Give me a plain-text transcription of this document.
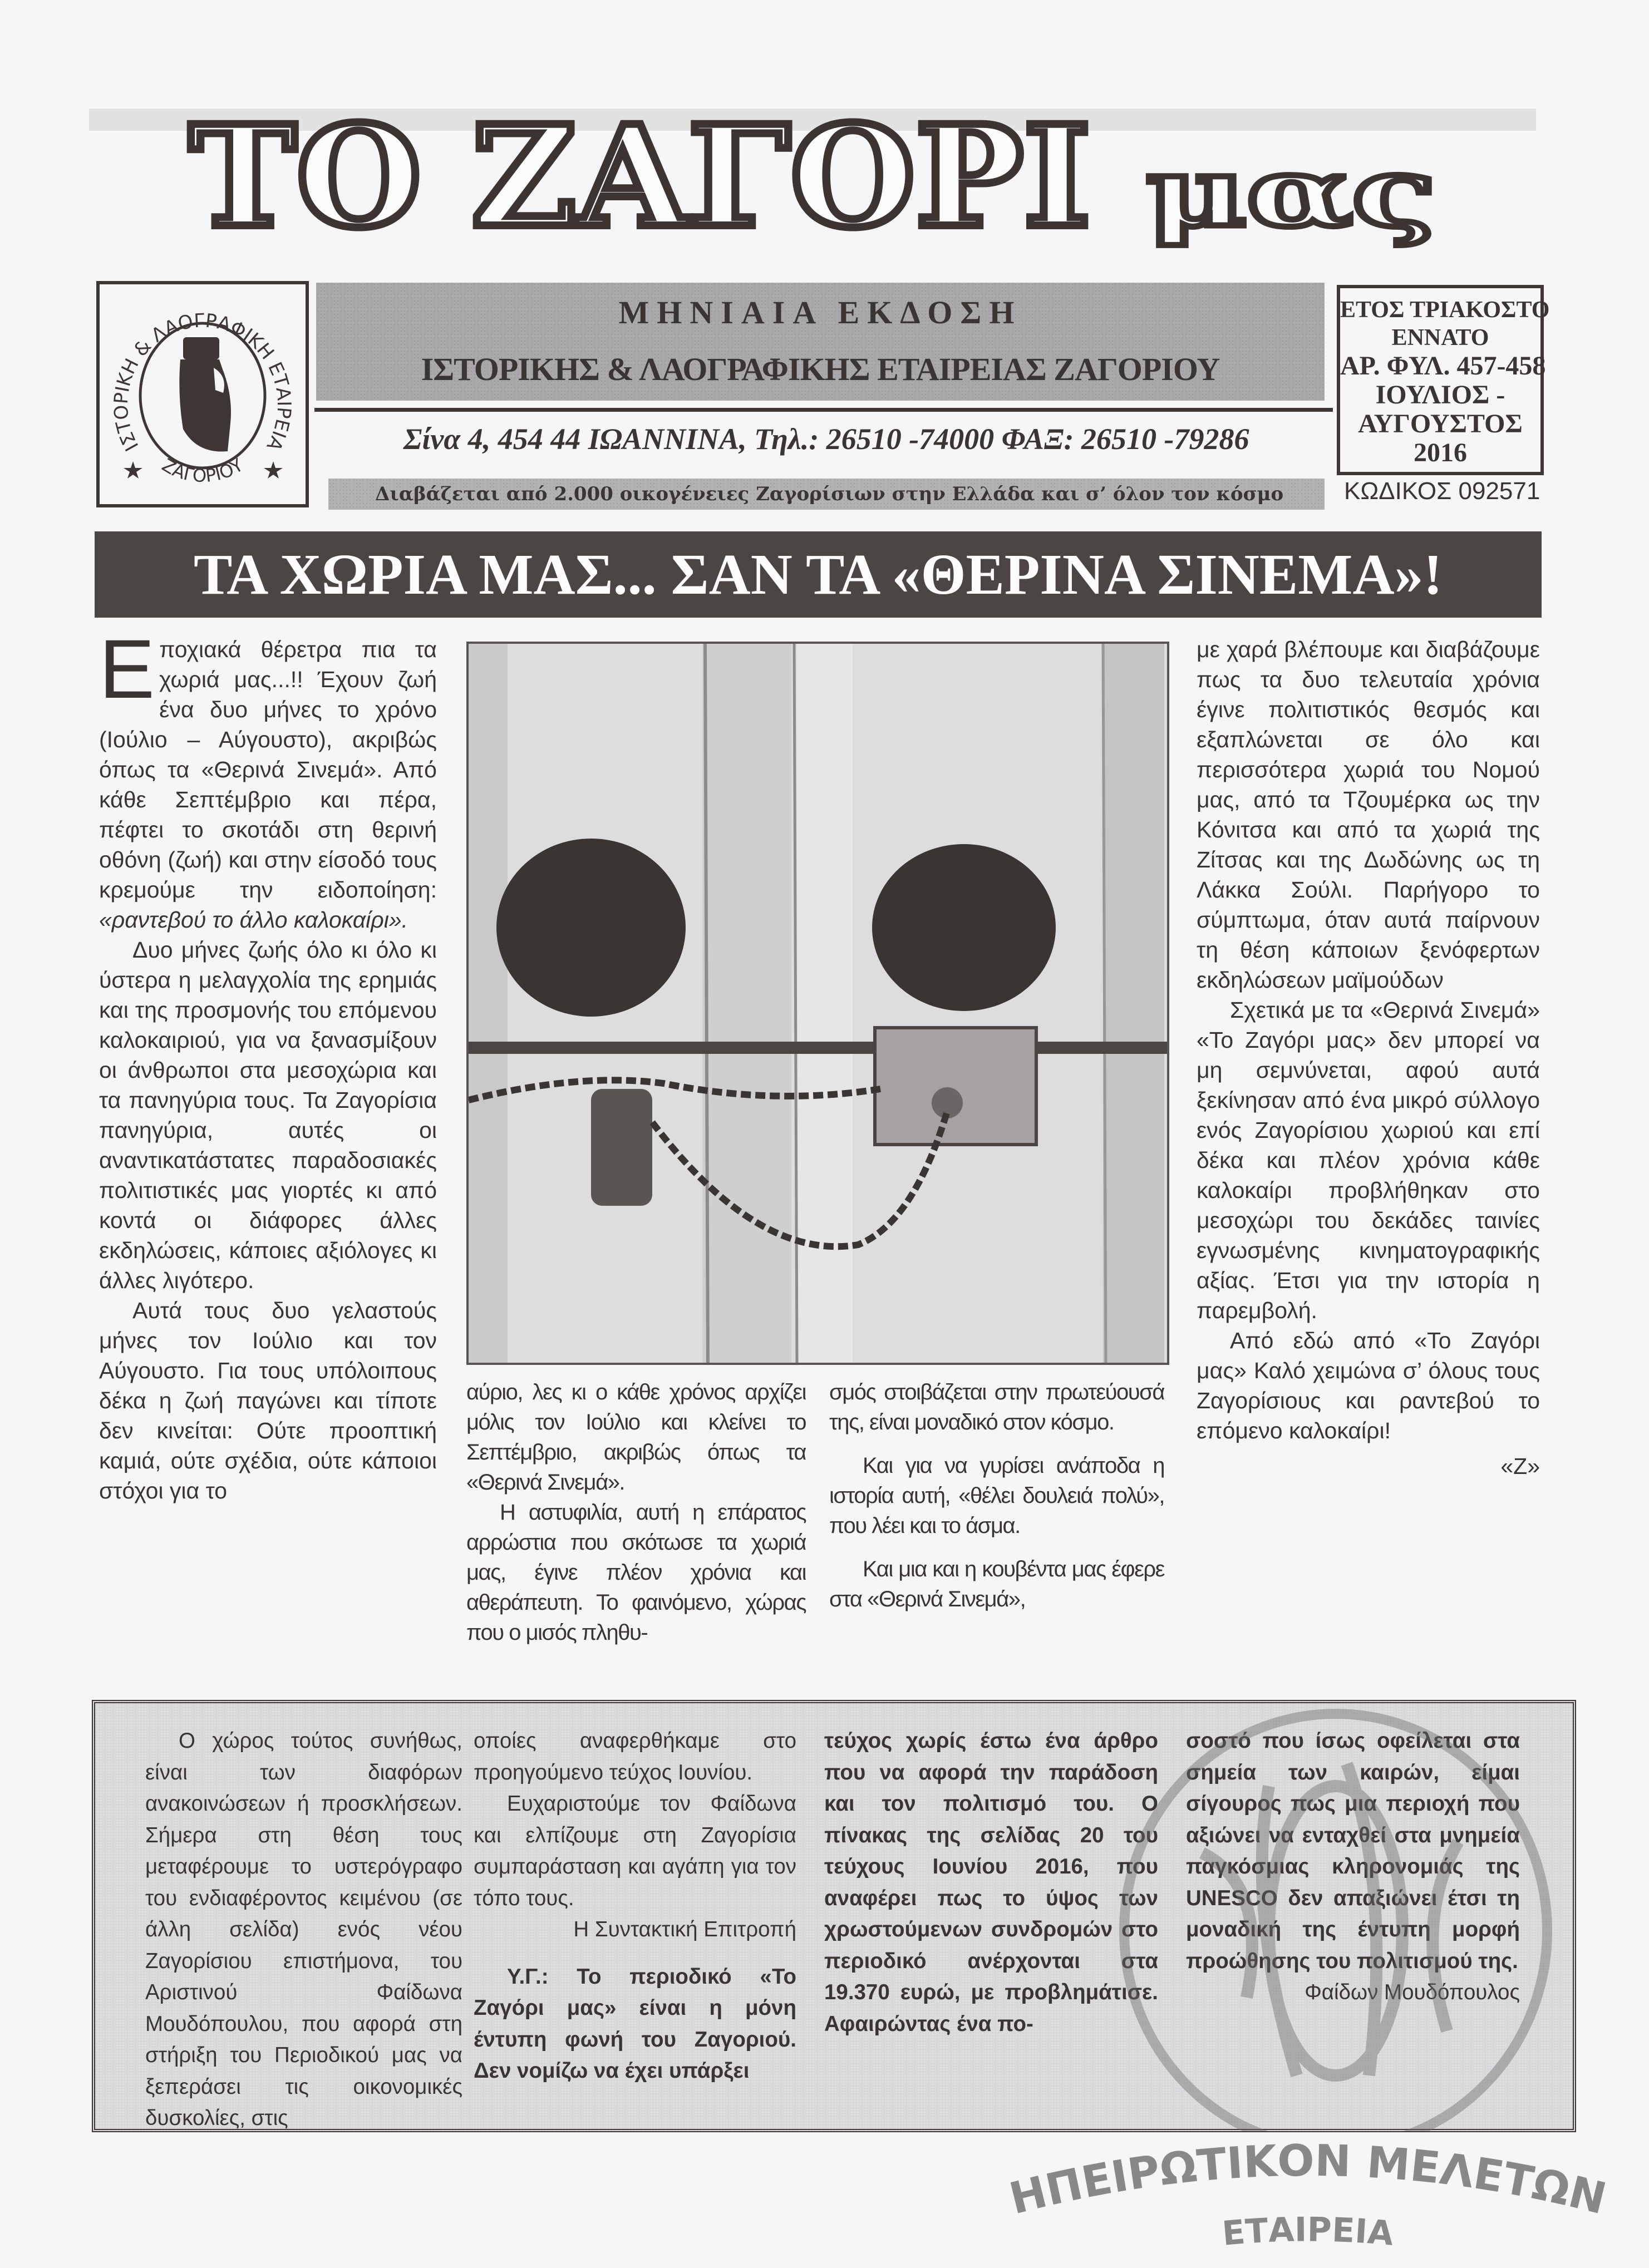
ΤΟ ΖΑΓΟΡΙ μας
ΙΣΤΟΡΙΚΗ & ΛΑΟΓΡΑΦΙΚΗ ΕΤΑΙΡΕΙΑ
ΖΑΓΟΡΙΟΥ
ΜΗΝΙΑΙΑ ΕΚΔΟΣΗ
ΙΣΤΟΡΙΚΗΣ & ΛΑΟΓΡΑΦΙΚΗΣ ΕΤΑΙΡΕΙΑΣ ΖΑΓΟΡΙΟΥ
Σίνα 4, 454 44 ΙΩΑΝΝΙΝΑ, Τηλ.: 26510 -74000 ΦΑΞ: 26510 -79286
Διαβάζεται από 2.000 οικογένειες Ζαγορίσιων στην Ελλάδα και σ’ όλον τον κόσμο
ΕΤΟΣ ΤΡΙΑΚΟΣΤΟ
ΕΝΝΑΤΟ
ΑΡ. ΦΥΛ. 457-458
ΙΟΥΛΙΟΣ -
ΑΥΓΟΥΣΤΟΣ
2016
ΚΩΔΙΚΟΣ 092571
ΤΑ ΧΩΡΙΑ ΜΑΣ... ΣΑΝ ΤΑ «ΘΕΡΙΝΑ ΣΙΝΕΜΑ»!

Εποχιακά θέρετρα πια τα χωριά μας...!! Έχουν ζωή ένα δυο μήνες το χρόνο (Ιούλιο – Αύγουστο), ακριβώς όπως τα «Θερινά Σινεμά». Από κάθε Σεπτέμβριο και πέρα, πέφτει το σκοτάδι στη θερινή οθόνη (ζωή) και στην είσοδό τους κρεμούμε την ειδοποίηση: «ραντεβού το άλλο καλοκαίρι».

Δυο μήνες ζωής όλο κι όλο κι ύστερα η μελαγχολία της ερημιάς και της προσμονής του επόμενου καλοκαιριού, για να ξανασμίξουν οι άνθρωποι στα μεσοχώρια και τα πανηγύρια τους. Τα Ζαγορίσια πανηγύρια, αυτές οι αναντικατάστατες παραδοσιακές πολιτιστικές μας γιορτές κι από κοντά οι διάφορες άλλες εκδηλώσεις, κάποιες αξιόλογες κι άλλες λιγότερο.

Αυτά τους δυο γελαστούς μήνες τον Ιούλιο και τον Αύγουστο. Για τους υπόλοιπους δέκα η ζωή παγώνει και τίποτε δεν κινείται: Ούτε προοπτική καμιά, ούτε σχέδια, ούτε κάποιοι στόχοι για το

αύριο, λες κι ο κάθε χρόνος αρχίζει μόλις τον Ιούλιο και κλείνει το Σεπτέμβριο, ακριβώς όπως τα «Θερινά Σινεμά».

Η αστυφιλία, αυτή η επάρατος αρρώστια που σκότωσε τα χωριά μας, έγινε πλέον χρόνια και αθεράπευτη. Το φαινόμενο, χώρας που ο μισός πληθυ-

σμός στοιβάζεται στην πρωτεύουσά της, είναι μοναδικό στον κόσμο.

Και για να γυρίσει ανάποδα η ιστορία αυτή, «θέλει δουλειά πολύ», που λέει και το άσμα.

Και μια και η κουβέντα μας έφερε στα «Θερινά Σινεμά»,

με χαρά βλέπουμε και διαβάζουμε πως τα δυο τελευταία χρόνια έγινε πολιτιστικός θεσμός και εξαπλώνεται σε όλο και περισσότερα χωριά του Νομού μας, από τα Τζουμέρκα ως την Κόνιτσα και από τα χωριά της Ζίτσας και της Δωδώνης ως τη Λάκκα Σούλι. Παρήγορο το σύμπτωμα, όταν αυτά παίρνουν τη θέση κάποιων ξενόφερτων εκδηλώσεων μαϊμούδων

Σχετικά με τα «Θερινά Σινεμά» «Το Ζαγόρι μας» δεν μπορεί να μη σεμνύνεται, αφού αυτά ξεκίνησαν από ένα μικρό σύλλογο ενός Ζαγορίσιου χωριού και επί δέκα και πλέον χρόνια κάθε καλοκαίρι προβλήθηκαν στο μεσοχώρι του δεκάδες ταινίες εγνωσμένης κινηματογραφικής αξίας. Έτσι για την ιστορία η παρεμβολή.

Από εδώ από «Το Ζαγόρι μας» Καλό χειμώνα σ’ όλους τους Ζαγορίσιους και ραντεβού το επόμενο καλοκαίρι!

«Ζ»

Ο χώρος τούτος συνήθως, είναι των διαφόρων ανακοινώσεων ή προσκλήσεων. Σήμερα στη θέση τους μεταφέρουμε το υστερόγραφο του ενδιαφέροντος κειμένου (σε άλλη σελίδα) ενός νέου Ζαγορίσιου επιστήμονα, του Αριστινού Φαίδωνα Μουδόπουλου, που αφορά στη στήριξη του Περιοδικού μας να ξεπεράσει τις οικονομικές δυσκολίες, στις

οποίες αναφερθήκαμε στο προηγούμενο τεύχος Ιουνίου.

Ευχαριστούμε τον Φαίδωνα και ελπίζουμε στη Ζαγορίσια συμπαράσταση και αγάπη για τον τόπο τους.

Η Συντακτική Επιτροπή

Υ.Γ.: Το περιοδικό «Το Ζαγόρι μας» είναι η μόνη έντυπη φωνή του Ζαγοριού. Δεν νομίζω να έχει υπάρξει

τεύχος χωρίς έστω ένα άρθρο που να αφορά την παράδοση και τον πολιτισμό του. Ο πίνακας της σελίδας 20 του τεύχους Ιουνίου 2016, που αναφέρει πως το ύψος των χρωστούμενων συνδρομών στο περιοδικό ανέρχονται στα 19.370 ευρώ, με προβλημάτισε. Αφαιρώντας ένα πο-

σοστό που ίσως οφείλεται στα σημεία των καιρών, είμαι σίγουρος πως μια περιοχή που αξιώνει να ενταχθεί στα μνημεία παγκόσμιας κληρονομιάς της UNESCO δεν απαξιώνει έτσι τη μοναδική της έντυπη μορφή προώθησης του πολιτισμού της.

Φαίδων Μουδόπουλος

ΗΠΕΙΡΩΤΙΚΟΝ ΜΕΛΕΤΩΝ
ΕΤΑΙΡΕΙΑ
